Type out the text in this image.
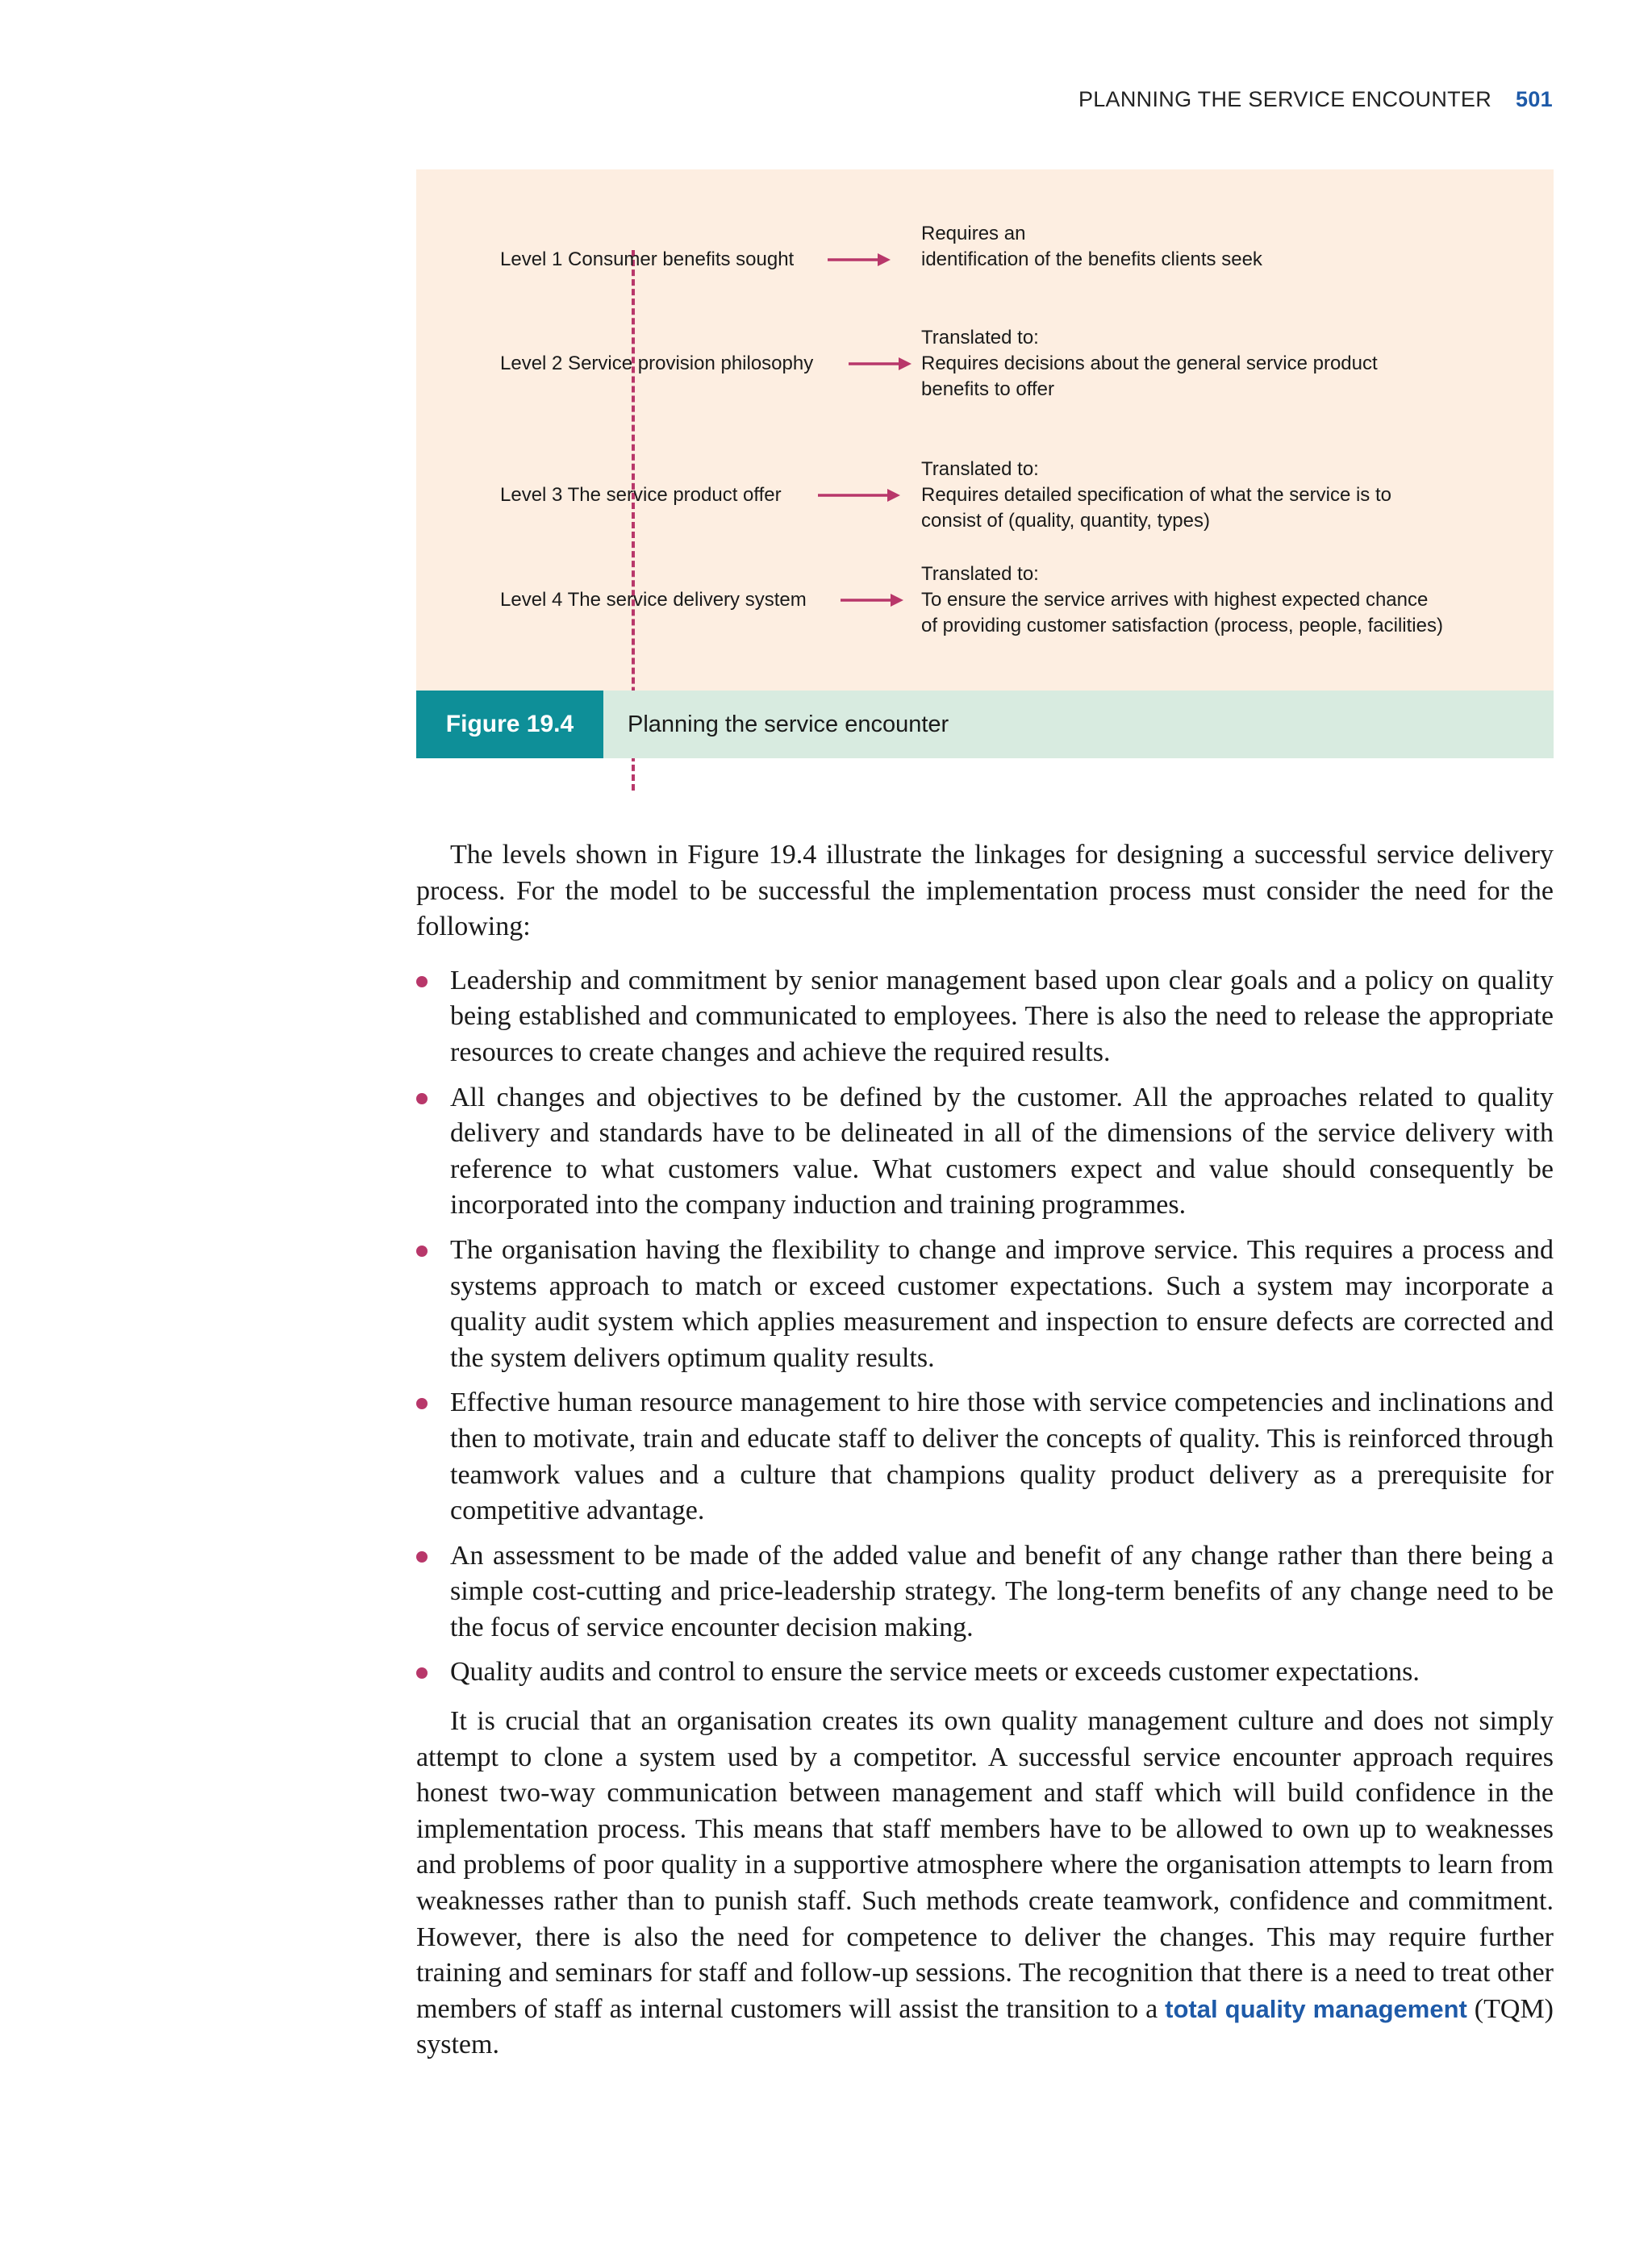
PLANNING THE SERVICE ENCOUNTER 501
Level 1 Consumer benefits sought
Requires an
identification of the benefits clients seek
Level 2 Service provision philosophy
Translated to:
Requires decisions about the general service product
benefits to offer
Level 3 The service product offer
Translated to:
Requires detailed specification of what the service is to
consist of (quality, quantity, types)
Level 4 The service delivery system
Translated to:
To ensure the service arrives with highest expected chance
of providing customer satisfaction (process, people, facilities)
Figure 19.4	Planning the service encounter

The levels shown in Figure 19.4 illustrate the linkages for designing a successful service delivery process. For the model to be successful the implementation process must consider the need for the following:

Leadership and commitment by senior management based upon clear goals and a policy on quality being established and communicated to employees. There is also the need to release the appropriate resources to create changes and achieve the required results.
All changes and objectives to be defined by the customer. All the approaches related to quality delivery and standards have to be delineated in all of the dimensions of the service delivery with reference to what customers value. What customers expect and value should consequently be incorporated into the company induction and training programmes.
The organisation having the flexibility to change and improve service. This requires a process and systems approach to match or exceed customer expectations. Such a system may incorporate a quality audit system which applies measurement and inspection to ensure defects are corrected and the system delivers optimum quality results.
Effective human resource management to hire those with service competencies and inclinations and then to motivate, train and educate staff to deliver the concepts of quality. This is reinforced through teamwork values and a culture that champions quality product delivery as a prerequisite for competitive advantage.
An assessment to be made of the added value and benefit of any change rather than there being a simple cost-cutting and price-leadership strategy. The long-term benefits of any change need to be the focus of service encounter decision making.
Quality audits and control to ensure the service meets or exceeds customer expectations.

It is crucial that an organisation creates its own quality management culture and does not simply attempt to clone a system used by a competitor. A successful service encounter approach requires honest two-way communication between management and staff which will build confidence in the implementation process. This means that staff members have to be allowed to own up to weaknesses and problems of poor quality in a supportive atmosphere where the organisation attempts to learn from weaknesses rather than to punish staff. Such methods create teamwork, confidence and commitment. However, there is also the need for competence to deliver the changes. This may require further training and seminars for staff and follow-up sessions. The recognition that there is a need to treat other members of staff as internal customers will assist the transition to a total quality management (TQM) system.
